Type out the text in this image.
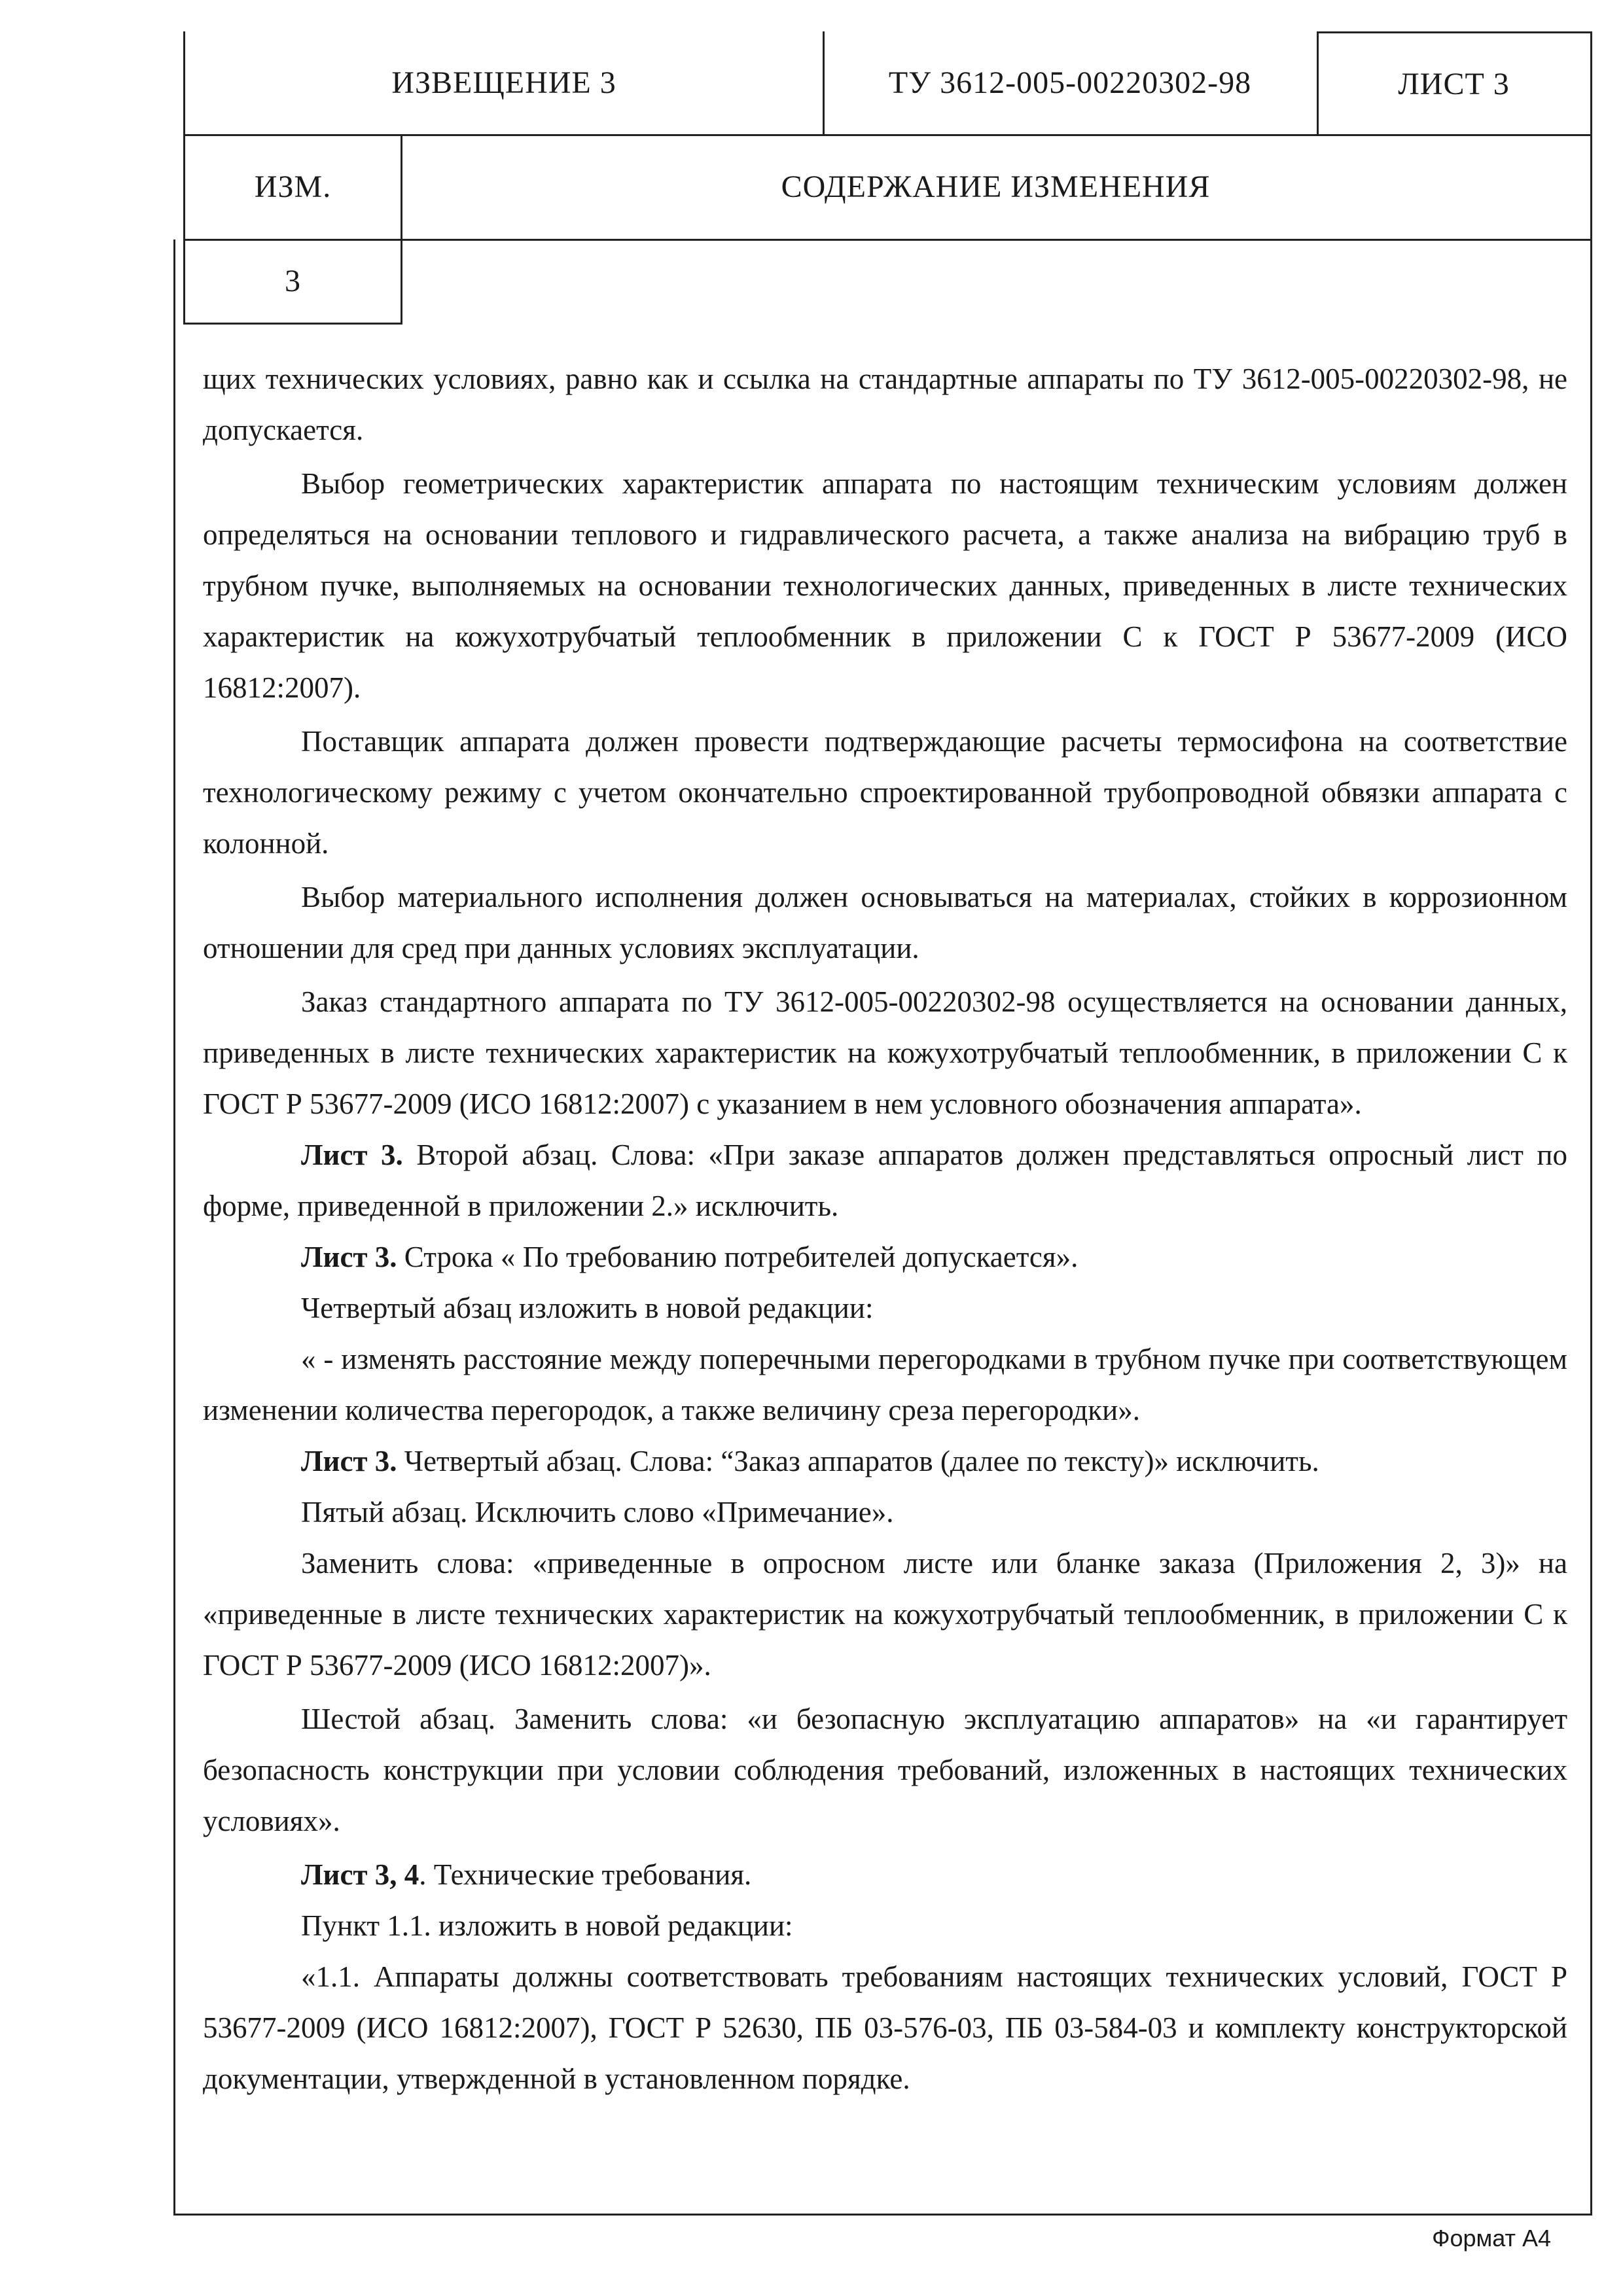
ИЗВЕЩЕНИЕ 3	ТУ 3612-005-00220302-98	ЛИСТ 3
ИЗМ.	СОДЕРЖАНИЕ ИЗМЕНЕНИЯ
3

щих технических условиях, равно как и ссылка на стандартные аппараты по ТУ 3612-005-00220302-98, не допускается.

Выбор геометрических характеристик аппарата по настоящим техническим условиям должен определяться на основании теплового и гидравлического расчета, а также анализа на вибрацию труб в трубном пучке, выполняемых на основании технологических данных, приведенных в листе технических характеристик на кожухотрубчатый теплообменник в приложении С к ГОСТ Р 53677-2009 (ИСО 16812:2007).

Поставщик аппарата должен провести подтверждающие расчеты термосифона на соответствие технологическому режиму с учетом окончательно спроектированной трубопроводной обвязки аппарата с колонной.

Выбор материального исполнения должен основываться на материалах, стойких в коррозионном отношении для сред при данных условиях эксплуатации.

Заказ стандартного аппарата по ТУ 3612-005-00220302-98 осуществляется на основании данных, приведенных в листе технических характеристик на кожухотрубчатый теплообменник, в приложении С к ГОСТ Р 53677-2009 (ИСО 16812:2007) с указанием в нем условного обозначения аппарата».

Лист 3. Второй абзац. Слова: «При заказе аппаратов должен представляться опросный лист по форме, приведенной в приложении 2.» исключить.

Лист 3. Строка « По требованию потребителей допускается».

Четвертый абзац изложить в новой редакции:

« - изменять расстояние между поперечными перегородками в трубном пучке при соответствующем изменении количества перегородок, а также величину среза перегородки».

Лист 3. Четвертый абзац. Слова: “Заказ аппаратов (далее по тексту)» исключить.

Пятый абзац. Исключить слово «Примечание».

Заменить слова: «приведенные в опросном листе или бланке заказа (Приложения 2, 3)» на «приведенные в листе технических характеристик на кожухотрубчатый теплообменник, в приложении С к ГОСТ Р 53677-2009 (ИСО 16812:2007)».

Шестой абзац. Заменить слова: «и безопасную эксплуатацию аппаратов» на «и гарантирует безопасность конструкции при условии соблюдения требований, изложенных в настоящих технических условиях».

Лист 3, 4. Технические требования.

Пункт 1.1. изложить в новой редакции:

«1.1. Аппараты должны соответствовать требованиям настоящих технических условий, ГОСТ Р 53677-2009 (ИСО 16812:2007), ГОСТ Р 52630, ПБ 03-576-03, ПБ 03-584-03 и комплекту конструкторской документации, утвержденной в установленном порядке.

Формат А4
